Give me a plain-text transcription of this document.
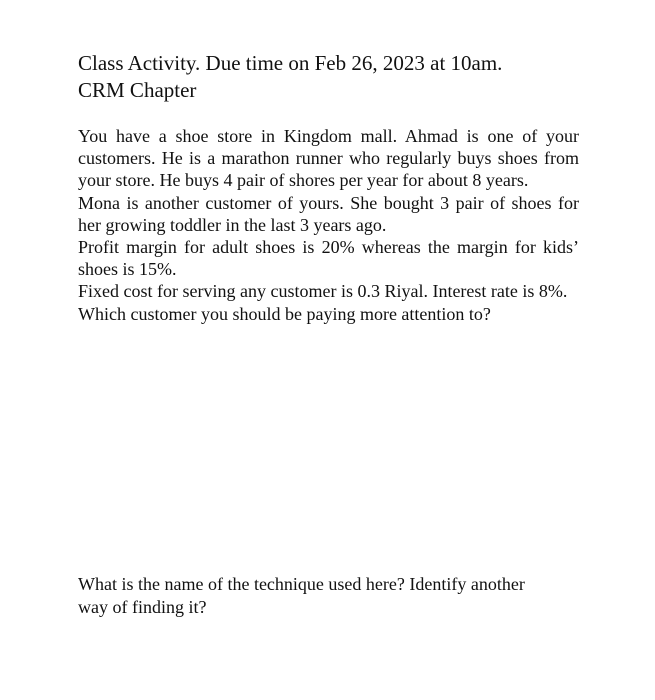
Class Activity. Due time on Feb 26, 2023 at 10am.
CRM Chapter

You have a shoe store in Kingdom mall. Ahmad is one of your customers. He is a marathon runner who regularly buys shoes from your store. He buys 4 pair of shores per year for about 8 years.

Mona is another customer of yours. She bought 3 pair of shoes for her growing toddler in the last 3 years ago.

Profit margin for adult shoes is 20% whereas the margin for kids’ shoes is 15%.

Fixed cost for serving any customer is 0.3 Riyal. Interest rate is 8%.

Which customer you should be paying more attention to?

What is the name of the technique used here? Identify another
way of finding it?
